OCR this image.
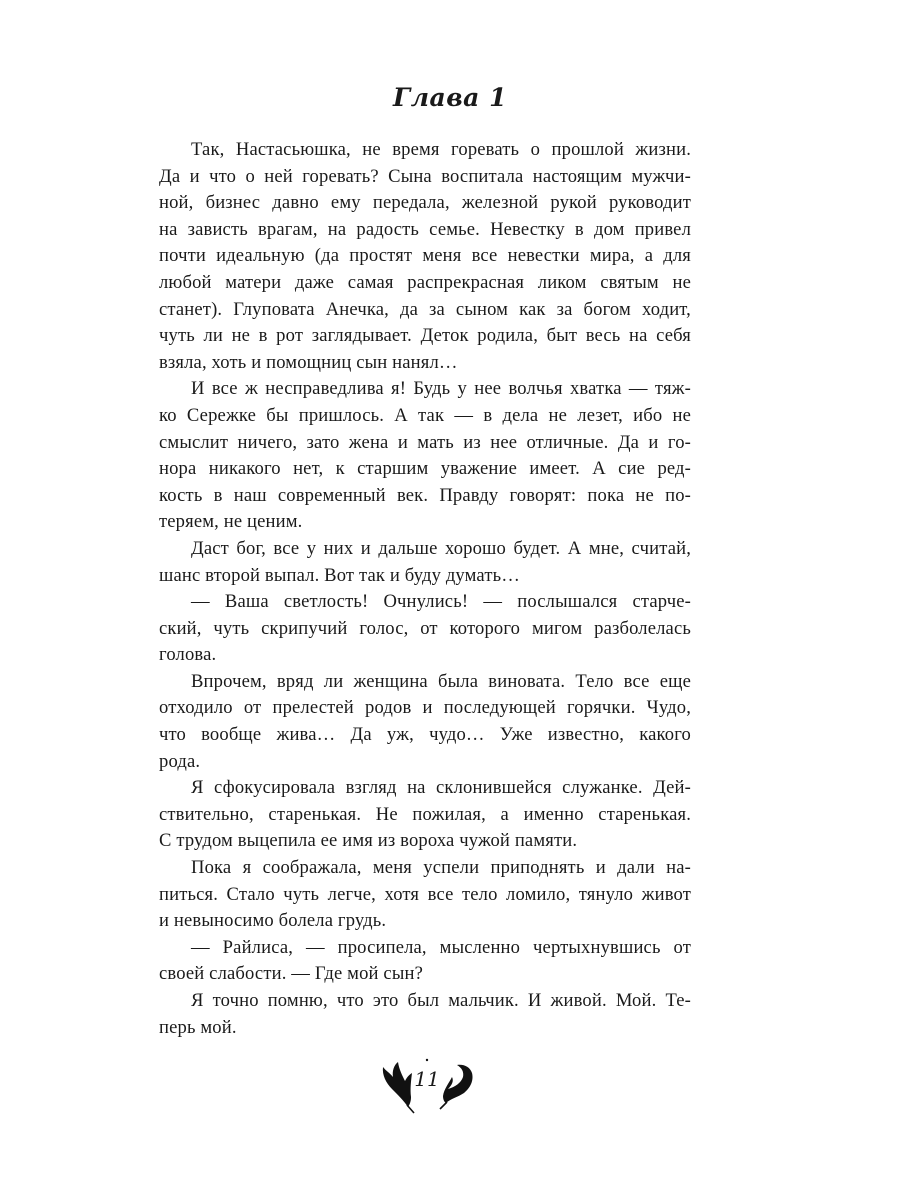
Глава 1
Так, Настасьюшка, не время горевать о прошлой жизни.
Да и что о ней горевать? Сына воспитала настоящим мужчи-
ной, бизнес давно ему передала, железной рукой руководит
на зависть врагам, на радость семье. Невестку в дом привел
почти идеальную (да простят меня все невестки мира, а для
любой матери даже самая распрекрасная ликом святым не
станет). Глуповата Анечка, да за сыном как за богом ходит,
чуть ли не в рот заглядывает. Деток родила, быт весь на себя
взяла, хоть и помощниц сын нанял…
И все ж несправедлива я! Будь у нее волчья хватка — тяж-
ко Сережке бы пришлось. А так — в дела не лезет, ибо не
смыслит ничего, зато жена и мать из нее отличные. Да и го-
нора никакого нет, к старшим уважение имеет. А сие ред-
кость в наш современный век. Правду говорят: пока не по-
теряем, не ценим.
Даст бог, все у них и дальше хорошо будет. А мне, считай,
шанс второй выпал. Вот так и буду думать…
— Ваша светлость! Очнулись! — послышался старче-
ский, чуть скрипучий голос, от которого мигом разболелась
голова.
Впрочем, вряд ли женщина была виновата. Тело все еще
отходило от прелестей родов и последующей горячки. Чудо,
что вообще жива… Да уж, чудо… Уже известно, какого
рода.
Я сфокусировала взгляд на склонившейся служанке. Дей-
ствительно, старенькая. Не пожилая, а именно старенькая.
С трудом выцепила ее имя из вороха чужой памяти.
Пока я соображала, меня успели приподнять и дали на-
питься. Стало чуть легче, хотя все тело ломило, тянуло живот
и невыносимо болела грудь.
— Райлиса, — просипела, мысленно чертыхнувшись от
своей слабости. — Где мой сын?
Я точно помню, что это был мальчик. И живой. Мой. Те-
перь мой.
11
